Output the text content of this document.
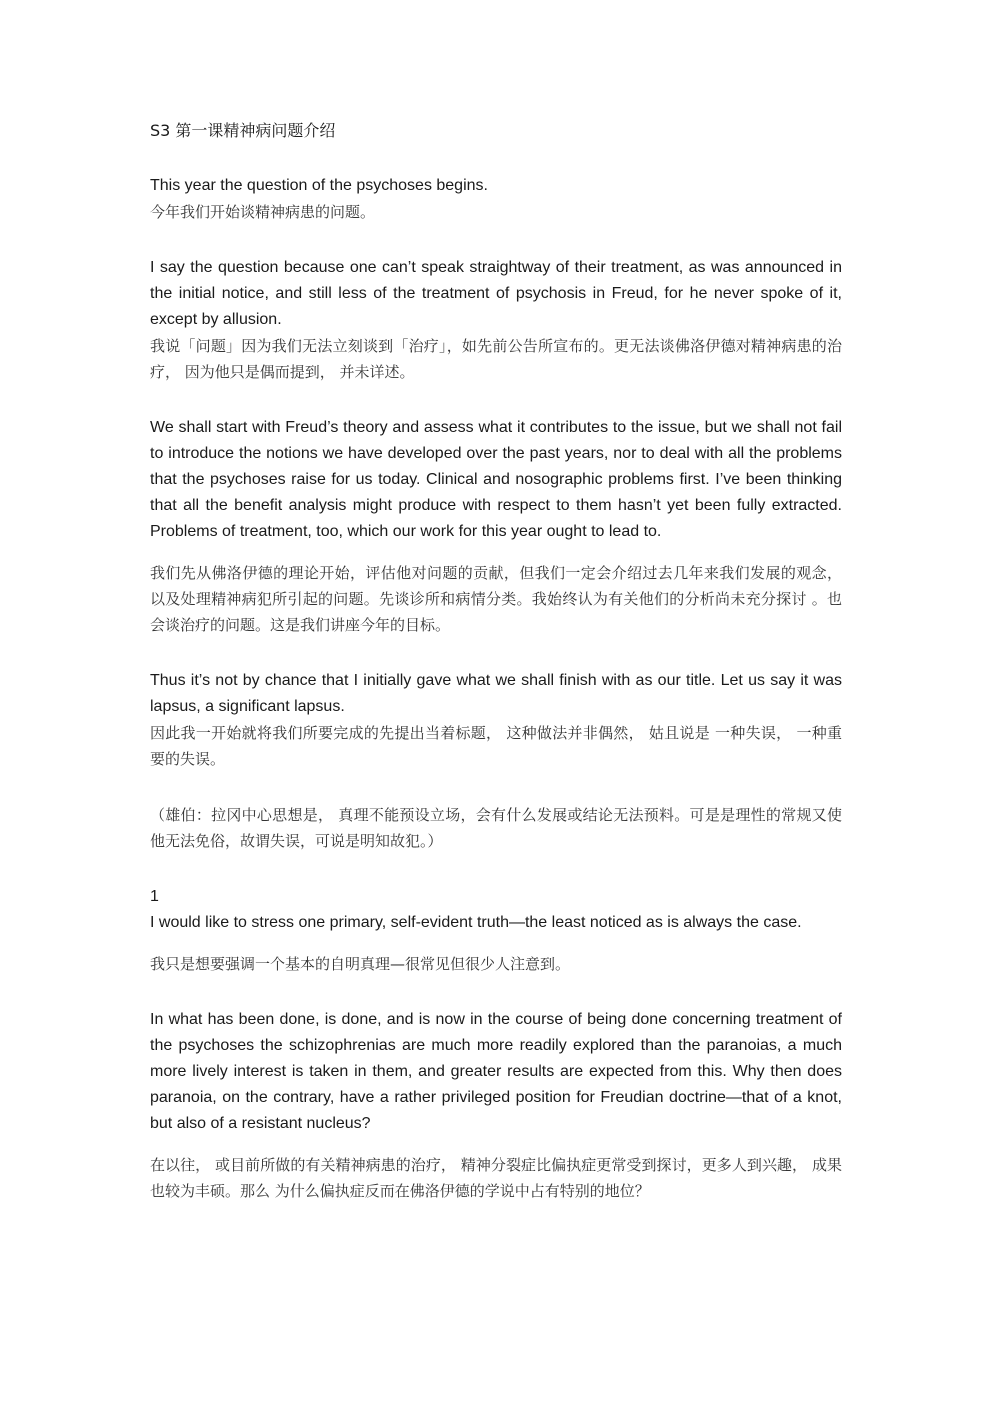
S3 第一课精神病问题介绍

This year the question of the psychoses begins.

今年我们开始谈精神病患的问题。

I say the question because one can’t speak straightway of their treatment, as was announced in the initial notice, and still less of the treatment of psychosis in Freud, for he never spoke of it, except by allusion.

我说「问题」因为我们无法立刻谈到「治疗」，如先前公告所宣布的。更无法谈佛洛伊德对精神病患的治疗， 因为他只是偶而提到， 并未详述。

We shall start with Freud’s theory and assess what it contributes to the issue, but we shall not fail to introduce the notions we have developed over the past years, nor to deal with all the problems that the psychoses raise for us today. Clinical and nosographic problems first. I’ve been thinking that all the benefit analysis might produce with respect to them hasn’t yet been fully extracted. Problems of treatment, too, which our work for this year ought to lead to.

我们先从佛洛伊德的理论开始，评估他对问题的贡献，但我们一定会介绍过去几年来我们发展的观念， 以及处理精神病犯所引起的问题。先谈诊所和病情分类。我始终认为有关他们的分析尚未充分探讨 。也会谈治疗的问题。这是我们讲座今年的目标。

Thus it’s not by chance that I initially gave what we shall finish with as our title. Let us say it was lapsus, a significant lapsus.

因此我一开始就将我们所要完成的先提出当着标题， 这种做法并非偶然， 姑且说是 一种失误， 一种重要的失误。

（雄伯：拉冈中心思想是， 真理不能预设立场，会有什么发展或结论无法预料。可是是理性的常规又使他无法免俗，故谓失误，可说是明知故犯。）

1

I would like to stress one primary, self-evident truth—the least noticed as is always the case.

我只是想要强调一个基本的自明真理—很常见但很少人注意到。

In what has been done, is done, and is now in the course of being done concerning treatment of the psychoses the schizophrenias are much more readily explored than the paranoias, a much more lively interest is taken in them, and greater results are expected from this. Why then does paranoia, on the contrary, have a rather privileged position for Freudian doctrine—that of a knot, but also of a resistant nucleus?

在以往， 或目前所做的有关精神病患的治疗， 精神分裂症比偏执症更常受到探讨，更多人到兴趣， 成果也较为丰硕。那么 为什么偏执症反而在佛洛伊德的学说中占有特别的地位？
